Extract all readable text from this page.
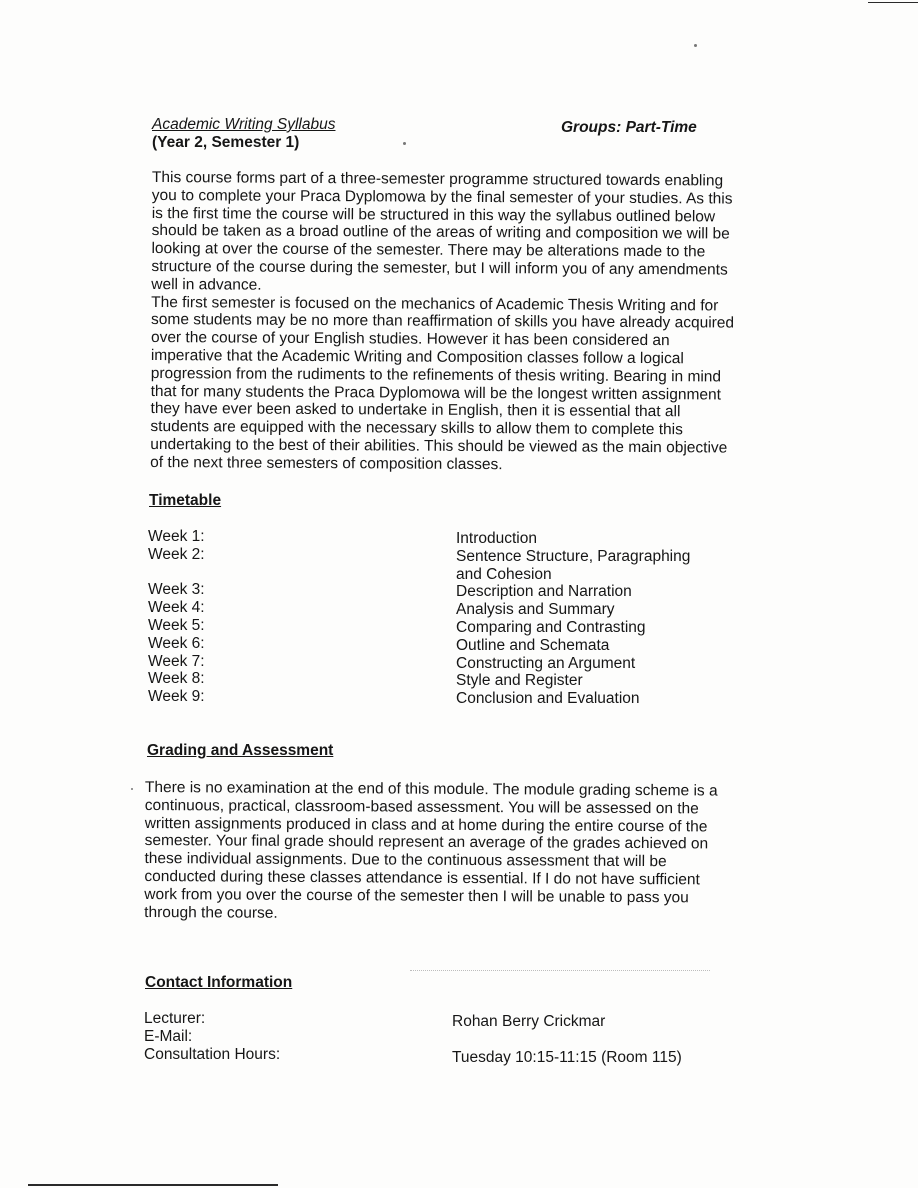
Academic Writing Syllabus
(Year 2, Semester 1)
Groups: Part-Time
This course forms part of a three-semester programme structured towards enabling
you to complete your Praca Dyplomowa by the final semester of your studies. As this
is the first time the course will be structured in this way the syllabus outlined below
should be taken as a broad outline of the areas of writing and composition we will be
looking at over the course of the semester. There may be alterations made to the
structure of the course during the semester, but I will inform you of any amendments
well in advance.
The first semester is focused on the mechanics of Academic Thesis Writing and for
some students may be no more than reaffirmation of skills you have already acquired
over the course of your English studies. However it has been considered an
imperative that the Academic Writing and Composition classes follow a logical
progression from the rudiments to the refinements of thesis writing. Bearing in mind
that for many students the Praca Dyplomowa will be the longest written assignment
they have ever been asked to undertake in English, then it is essential that all
students are equipped with the necessary skills to allow them to complete this
undertaking to the best of their abilities. This should be viewed as the main objective
of the next three semesters of composition classes.
Timetable
Week 1:
Week 2:
Week 3:
Week 4:
Week 5:
Week 6:
Week 7:
Week 8:
Week 9:
Introduction
Sentence Structure, Paragraphing and Cohesion
Description and Narration
Analysis and Summary
Comparing and Contrasting
Outline and Schemata
Constructing an Argument
Style and Register
Conclusion and Evaluation
Grading and Assessment
There is no examination at the end of this module. The module grading scheme is a
continuous, practical, classroom-based assessment. You will be assessed on the
written assignments produced in class and at home during the entire course of the
semester. Your final grade should represent an average of the grades achieved on
these individual assignments. Due to the continuous assessment that will be
conducted during these classes attendance is essential. If I do not have sufficient
work from you over the course of the semester then I will be unable to pass you
through the course.
Contact Information
Lecturer:
E-Mail:
Consultation Hours:
Rohan Berry Crickmar
Tuesday 10:15-11:15 (Room 115)
